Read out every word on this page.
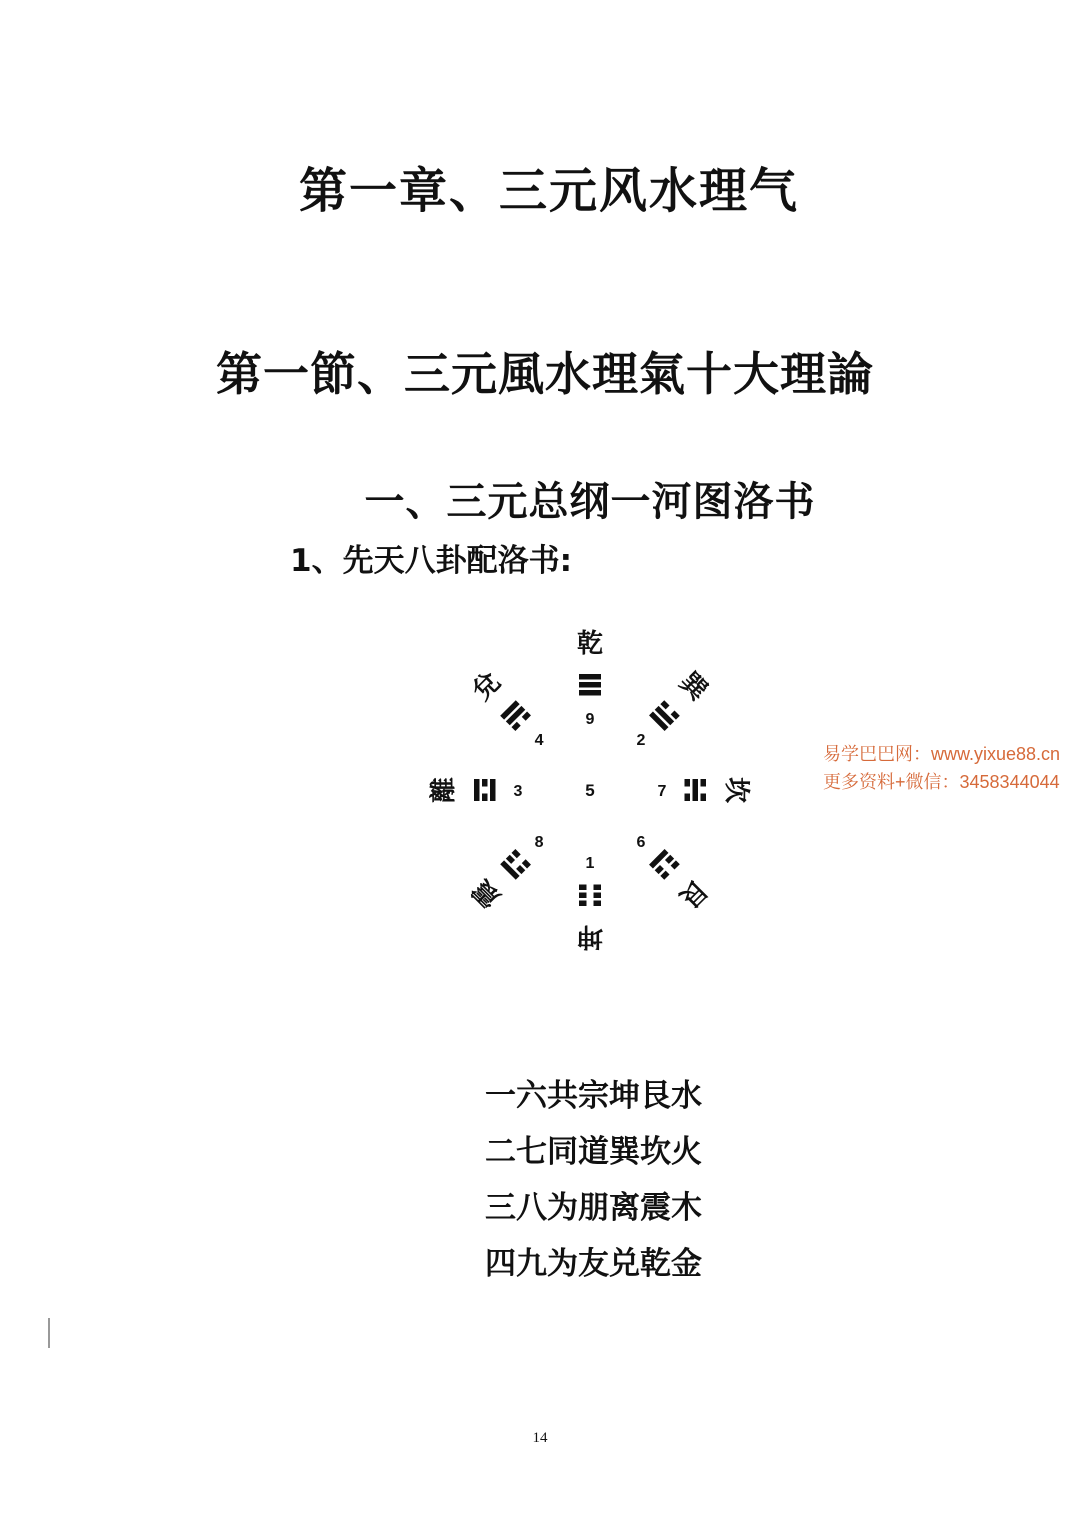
第一章、三元风水理气
第一節、三元風水理氣十大理論
一、三元总纲一河图洛书
1、先天八卦配洛书:
5
乾
9
巽
2
坎
7
艮
6
坤
1
震
8
離	3
兌
4
一六共宗坤艮水
二七同道巽坎火
三八为朋离震木
四九为友兑乾金
易学巴巴网：www.yixue88.cn
更多资料+微信：3458344044
14
